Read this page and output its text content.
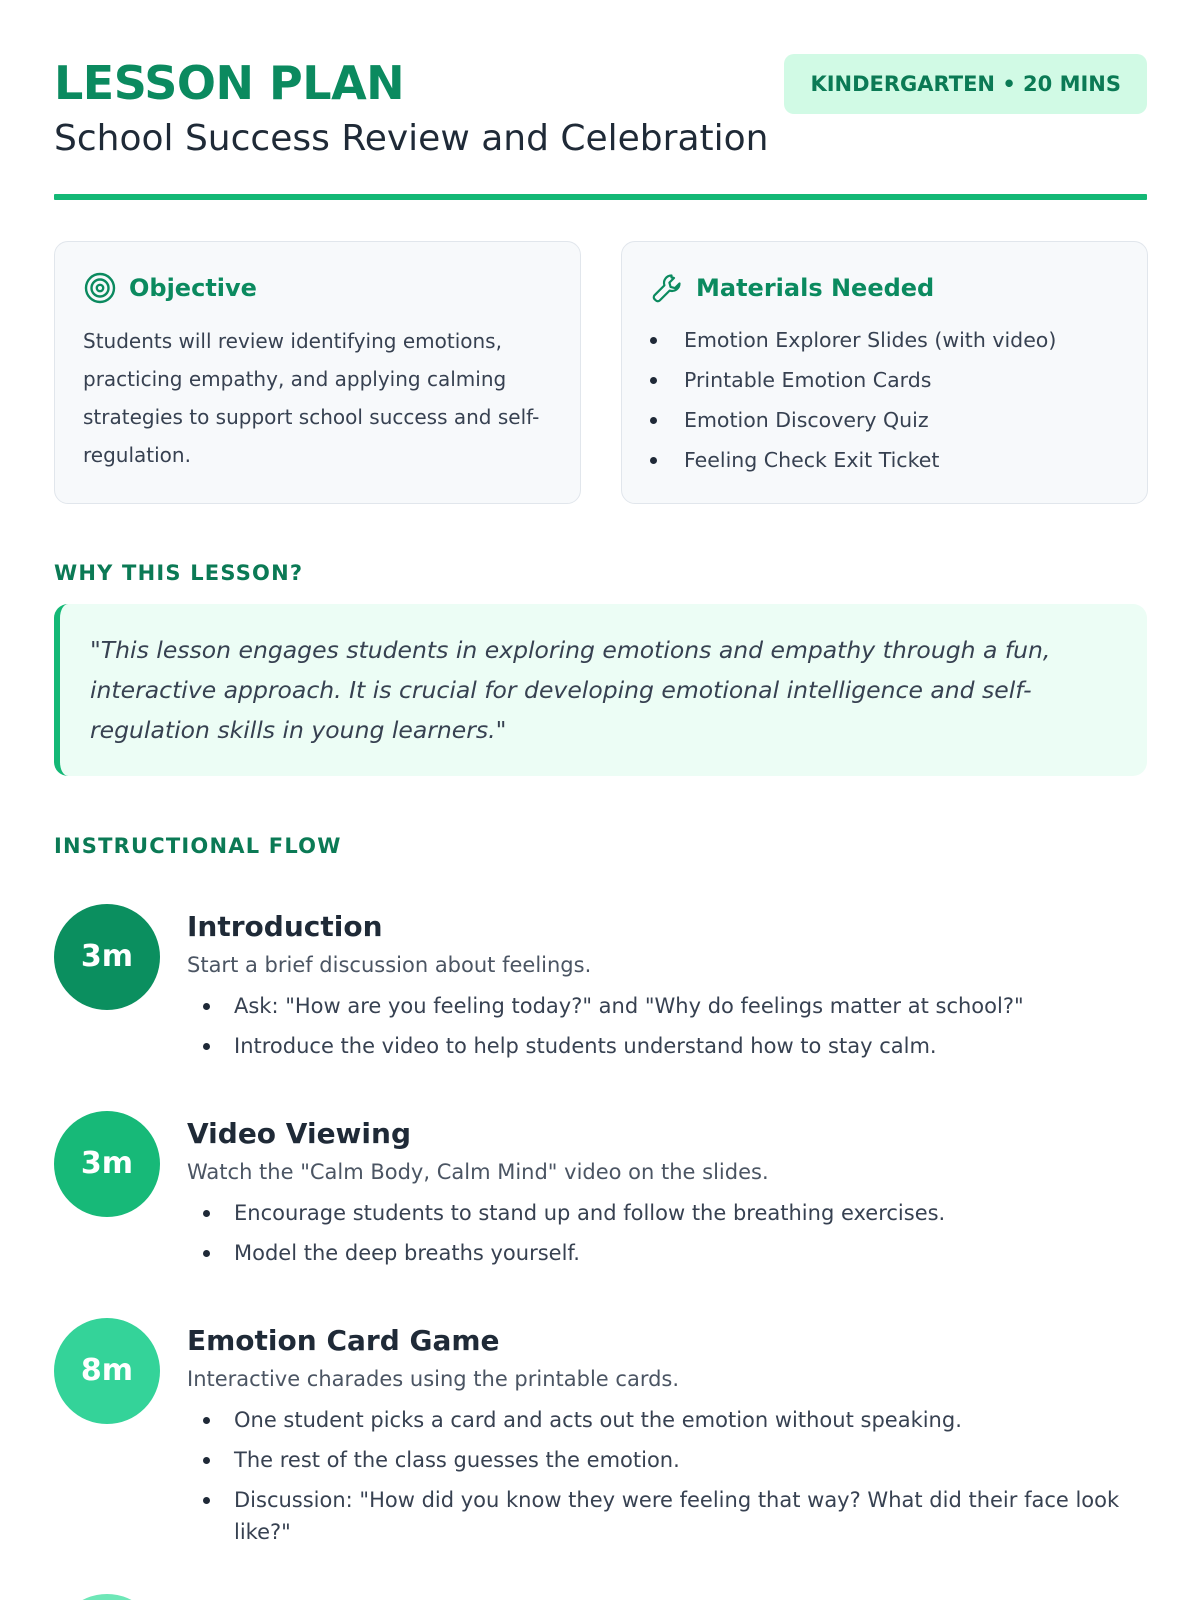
LESSON PLAN
School Success Review and Celebration
KINDERGARTEN • 20 MINS
Objective

Students will review identifying emotions, practicing empathy, and applying calming strategies to support school success and self-regulation.

Materials Needed
Emotion Explorer Slides (with video)
Printable Emotion Cards
Emotion Discovery Quiz
Feeling Check Exit Ticket
WHY THIS LESSON?

"This lesson engages students in exploring emotions and empathy through a fun, interactive approach. It is crucial for developing emotional intelligence and self-regulation skills in young learners."

INSTRUCTIONAL FLOW
3m
Introduction
Start a brief discussion about feelings.
Ask: "How are you feeling today?" and "Why do feelings matter at school?"
Introduce the video to help students understand how to stay calm.
3m
Video Viewing
Watch the "Calm Body, Calm Mind" video on the slides.
Encourage students to stand up and follow the breathing exercises.
Model the deep breaths yourself.
8m
Emotion Card Game
Interactive charades using the printable cards.
One student picks a card and acts out the emotion without speaking.
The rest of the class guesses the emotion.
Discussion: "How did you know they were feeling that way? What did their face look like?"
